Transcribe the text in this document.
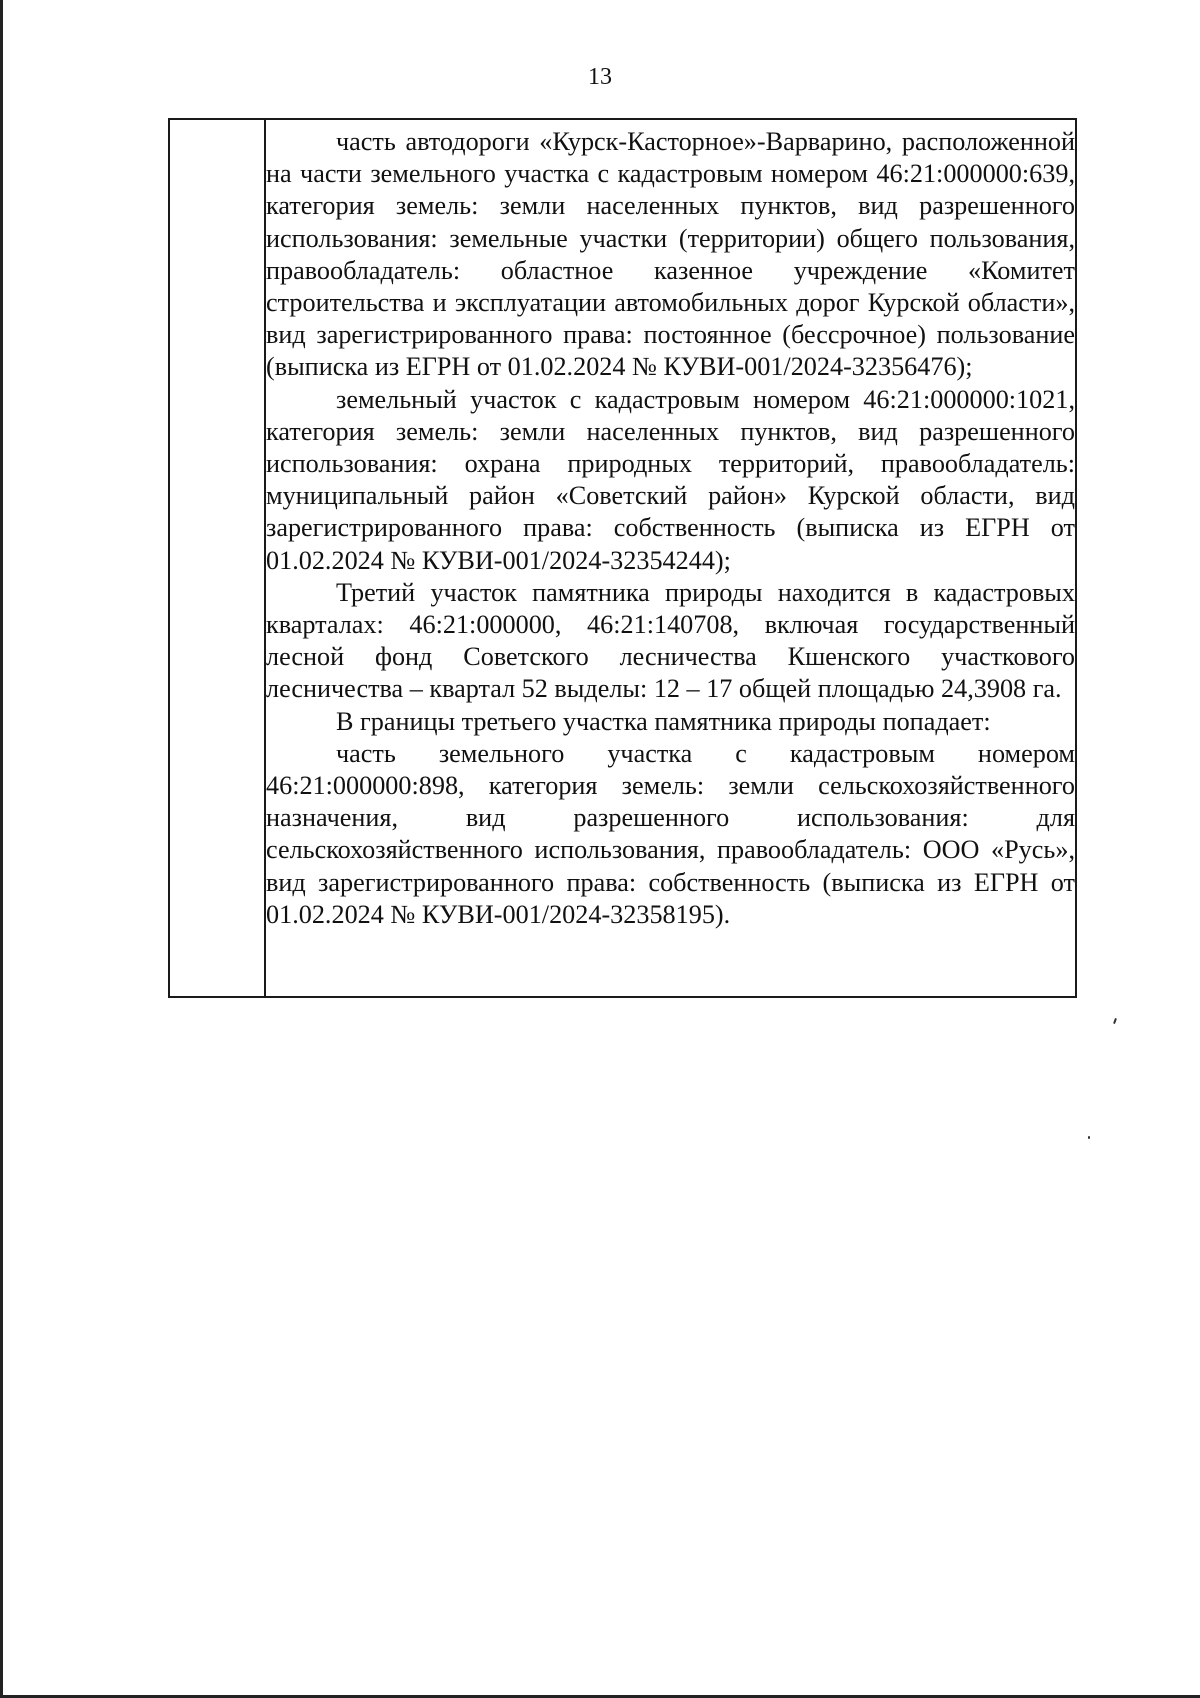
13

часть автодороги «Курск-Касторное»-Варварино, расположенной на части земельного участка с кадастровым номером 46:21:000000:639, категория земель: земли населенных пунктов, вид разрешенного использования: земельные участки (территории) общего пользования, правообладатель: областное казенное учреждение «Комитет строительства и эксплуатации автомобильных дорог Курской области», вид зарегистрированного права: постоянное (бессрочное) пользование (выписка из ЕГРН от 01.02.2024 № КУВИ-001/2024-32356476);

земельный участок с кадастровым номером 46:21:000000:1021, категория земель: земли населенных пунктов, вид разрешенного использования: охрана природных территорий, правообладатель: муниципальный район «Советский район» Курской области, вид зарегистрированного права: собственность (выписка из ЕГРН от 01.02.2024 № КУВИ-001/2024-32354244);

Третий участок памятника природы находится в кадастровых кварталах: 46:21:000000, 46:21:140708, включая государственный лесной фонд Советского лесничества Кшенского участкового лесничества – квартал 52 выделы: 12 – 17 общей площадью 24,3908 га.

В границы третьего участка памятника природы попадает:

часть земельного участка с кадастровым номером 46:21:000000:898, категория земель: земли сельскохозяйственного назначения, вид разрешенного использования: для сельскохозяйственного использования, правообладатель: ООО «Русь», вид зарегистрированного права: собственность (выписка из ЕГРН от 01.02.2024 № КУВИ-001/2024-32358195).
